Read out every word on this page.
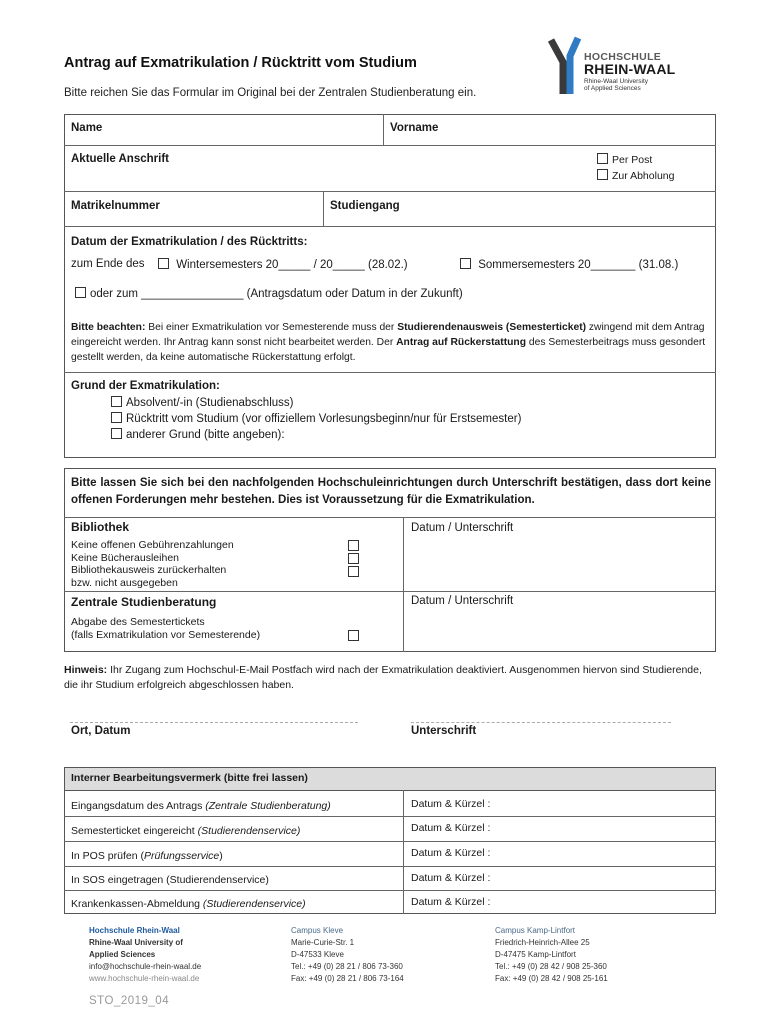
Antrag auf Exmatrikulation / Rücktritt vom Studium
Bitte reichen Sie das Formular im Original bei der Zentralen Studienberatung ein.
HOCHSCHULE
RHEIN-WAAL
Rhine-Waal University
of Applied Sciences
Name	Vorname
Aktuelle Anschrift	Per Post
Zur Abholung
Matrikelnummer	Studiengang
Datum der Exmatrikulation / des Rücktritts:
zum Ende des	Wintersemesters 20_____ / 20_____ (28.02.)	Sommersemesters 20_______ (31.08.)
oder zum ________________ (Antragsdatum oder Datum in der Zukunft)
Bitte beachten: Bei einer Exmatrikulation vor Semesterende muss der Studierendenausweis (Semesterticket) zwingend mit dem Antrag eingereicht werden. Ihr Antrag kann sonst nicht bearbeitet werden. Der Antrag auf Rückerstattung des Semesterbeitrags muss gesondert gestellt werden, da keine automatische Rückerstattung erfolgt.
Grund der Exmatrikulation:
Absolvent/-in (Studienabschluss)
Rücktritt vom Studium (vor offiziellem Vorlesungsbeginn/nur für Erstsemester)
anderer Grund (bitte angeben):
Bitte lassen Sie sich bei den nachfolgenden Hochschuleinrichtungen durch Unterschrift bestätigen, dass dort keine offenen Forderungen mehr bestehen. Dies ist Voraussetzung für die Exmatrikulation.
Bibliothek
Keine offenen Gebührenzahlungen
Keine Bücherausleihen
Bibliothekausweis zurückerhalten
bzw. nicht ausgegeben
Datum / Unterschrift
Zentrale Studienberatung
Abgabe des Semestertickets
(falls Exmatrikulation vor Semesterende)
Datum / Unterschrift
Hinweis: Ihr Zugang zum Hochschul-E-Mail Postfach wird nach der Exmatrikulation deaktiviert. Ausgenommen hiervon sind Studierende, die ihr Studium erfolgreich abgeschlossen haben.
Ort, Datum	Unterschrift
Interner Bearbeitungsvermerk (bitte frei lassen)
Eingangsdatum des Antrags (Zentrale Studienberatung)	Datum & Kürzel :
Semesterticket eingereicht (Studierendenservice)	Datum & Kürzel :
In POS prüfen (Prüfungsservice)	Datum & Kürzel :
In SOS eingetragen (Studierendenservice)	Datum & Kürzel :
Krankenkassen-Abmeldung (Studierendenservice)	Datum & Kürzel :
Hochschule Rhein-Waal
Rhine-Waal University of
Applied Sciences
info@hochschule-rhein-waal.de
www.hochschule-rhein-waal.de
Campus Kleve
Marie-Curie-Str. 1
D-47533 Kleve
Tel.: +49 (0) 28 21 / 806 73-360
Fax: +49 (0) 28 21 / 806 73-164
Campus Kamp-Lintfort
Friedrich-Heinrich-Allee 25
D-47475 Kamp-Lintfort
Tel.: +49 (0) 28 42 / 908 25-360
Fax: +49 (0) 28 42 / 908 25-161
STO_2019_04
